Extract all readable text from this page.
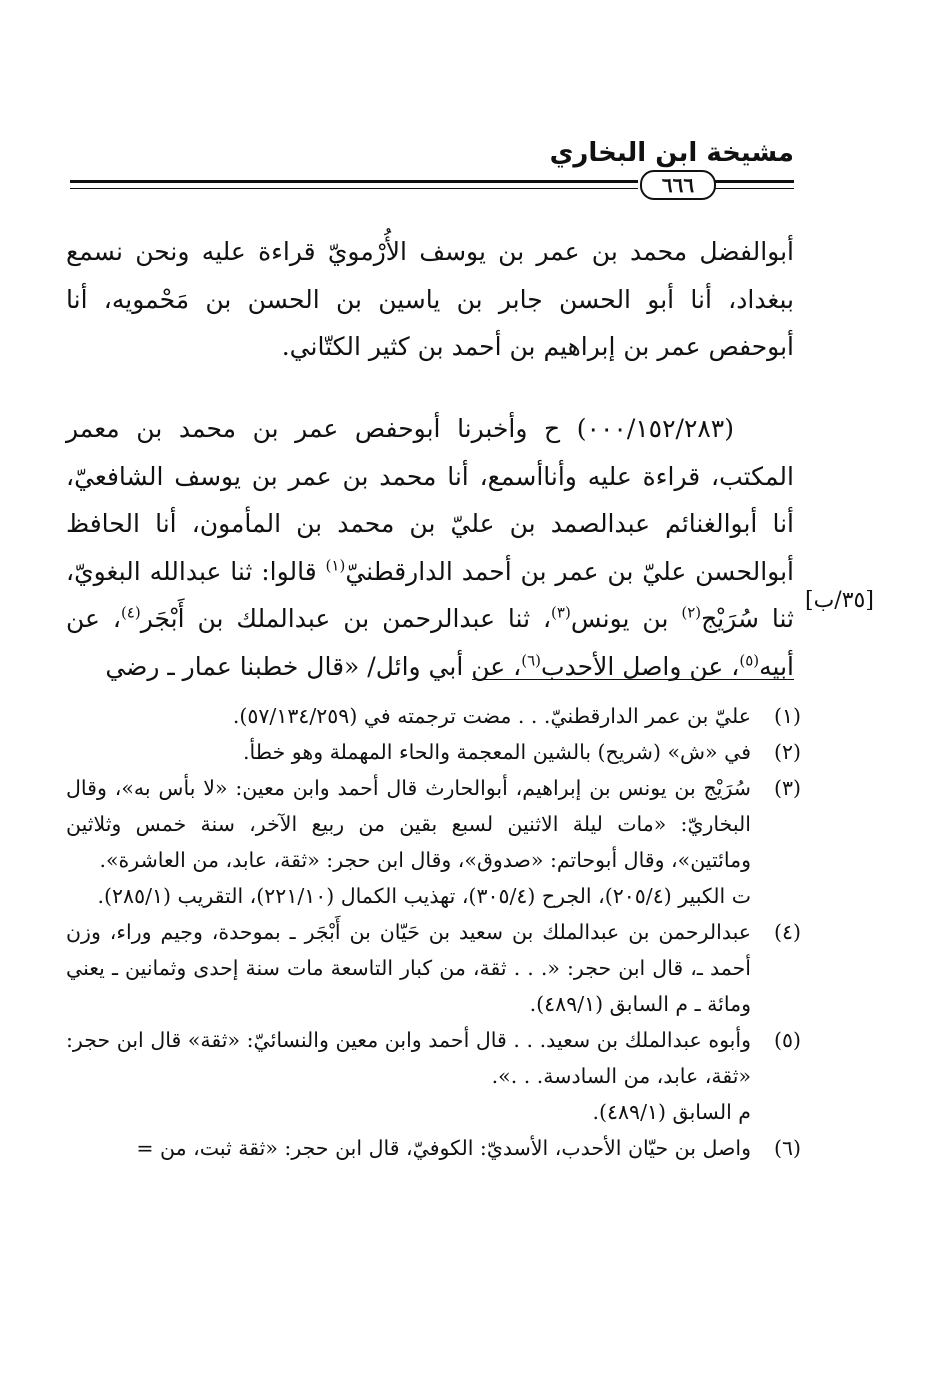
مشيخة ابن البخاري
٦٦٦

أبوالفضل محمد بن عمر بن يوسف الأُرْمويّ قراءة عليه ونحن نسمع ببغداد، أنا أبو الحسن جابر بن ياسين بن الحسن بن مَحْمويه، أنا أبوحفص عمر بن إبراهيم بن أحمد بن كثير الكتّاني.

(٠٠٠/١٥٢/٢٨٣) ح وأخبرنا أبوحفص عمر بن محمد بن معمر المكتب، قراءة عليه وأناأسمع، أنا محمد بن عمر بن يوسف الشافعيّ، أنا أبوالغنائم عبدالصمد بن عليّ بن محمد بن المأمون، أنا الحافظ أبوالحسن عليّ بن عمر بن أحمد الدارقطنيّ$^{(١)}$ قالوا: ثنا عبدالله البغويّ، ثنا سُرَيْج$^{(٢)}$ بن يونس$^{(٣)}$، ثنا عبدالرحمن بن عبدالملك بن أَبْجَر$^{(٤)}$، عن أبيه$^{(٥)}$، عن واصل الأحدب$^{(٦)}$، عن أبي وائل/ «قال خطبنا عمار ـ رضي

[٣٥/ب]
(١)
عليّ بن عمر الدارقطنيّ. . . مضت ترجمته في (٥٧/١٣٤/٢٥٩).
(٢)
في «ش» (شريح) بالشين المعجمة والحاء المهملة وهو خطأ.
(٣)
سُرَيْج بن يونس بن إبراهيم، أبوالحارث قال أحمد وابن معين: «لا بأس به»، وقال البخاريّ: «مات ليلة الاثنين لسبع بقين من ربيع الآخر، سنة خمس وثلاثين ومائتين»، وقال أبوحاتم: «صدوق»، وقال ابن حجر: «ثقة، عابد، من العاشرة».
ت الكبير (٢٠٥/٤)، الجرح (٣٠٥/٤)، تهذيب الكمال (٢٢١/١٠)، التقريب (٢٨٥/١).
(٤)
عبدالرحمن بن عبدالملك بن سعيد بن حَيّان بن أَبْجَر ـ بموحدة، وجيم وراء، وزن أحمد ـ، قال ابن حجر: «. . . ثقة، من كبار التاسعة مات سنة إحدى وثمانين ـ يعني ومائة ـ م السابق (٤٨٩/١).
(٥)
وأبوه عبدالملك بن سعيد. . . قال أحمد وابن معين والنسائيّ: «ثقة» قال ابن حجر: «ثقة، عابد، من السادسة. . .».
م السابق (٤٨٩/١).
(٦)
واصل بن حيّان الأحدب، الأسديّ: الكوفيّ، قال ابن حجر: «ثقة ثبت، من =
